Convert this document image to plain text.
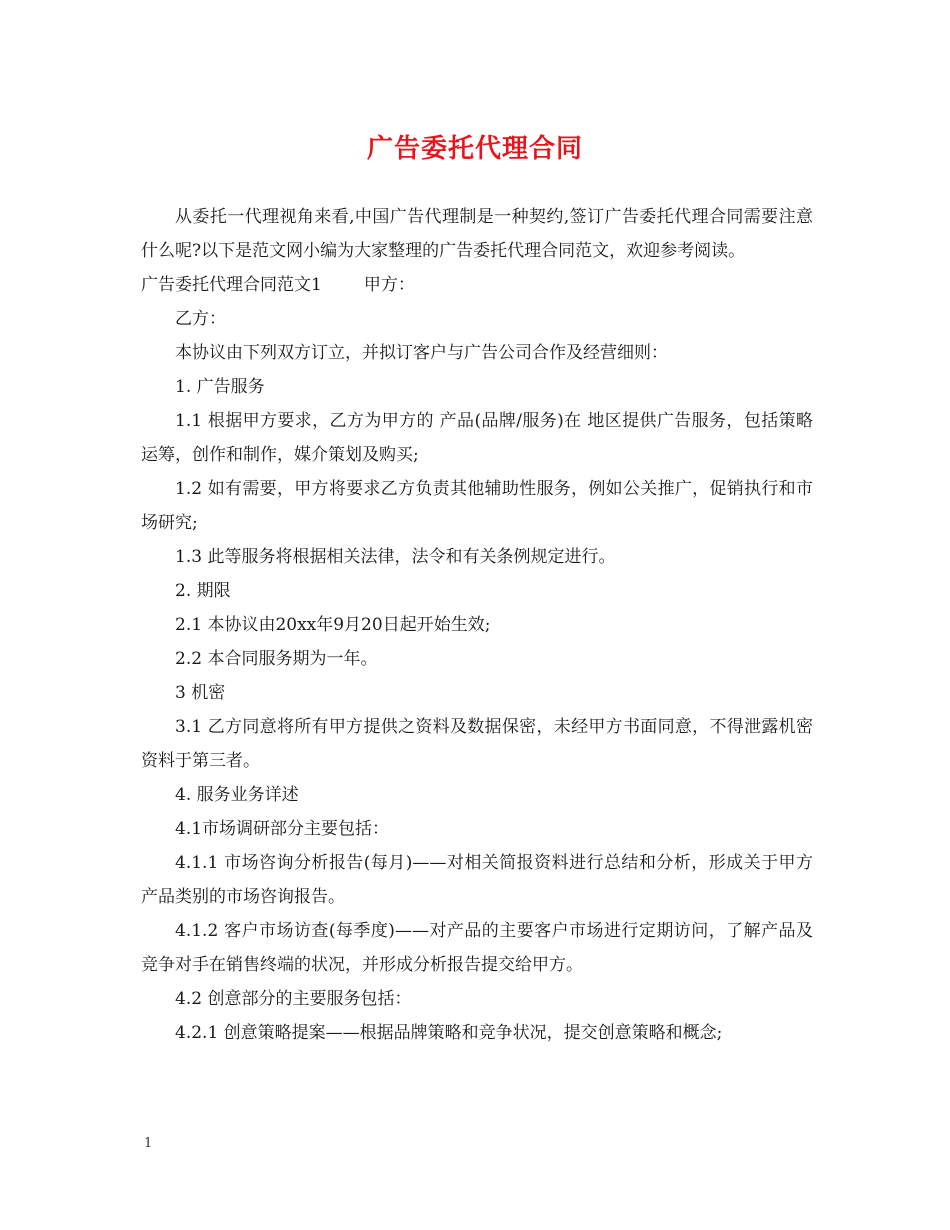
广告委托代理合同

从委托一代理视角来看,中国广告代理制是一种契约,签订广告委托代理合同需要注意什么呢?以下是范文网小编为大家整理的广告委托代理合同范文，欢迎参考阅读。

广告委托代理合同范文1 甲方：

乙方：

本协议由下列双方订立，并拟订客户与广告公司合作及经营细则：

1. 广告服务

1.1 根据甲方要求，乙方为甲方的 产品(品牌/服务)在 地区提供广告服务，包括策略运筹，创作和制作，媒介策划及购买;

1.2 如有需要，甲方将要求乙方负责其他辅助性服务，例如公关推广，促销执行和市场研究;

1.3 此等服务将根据相关法律，法令和有关条例规定进行。

2. 期限

2.1 本协议由20xx年9月20日起开始生效;

2.2 本合同服务期为一年。

3 机密

3.1 乙方同意将所有甲方提供之资料及数据保密，未经甲方书面同意，不得泄露机密资料于第三者。

4. 服务业务详述

4.1市场调研部分主要包括：

4.1.1 市场咨询分析报告(每月)——对相关简报资料进行总结和分析，形成关于甲方产品类别的市场咨询报告。

4.1.2 客户市场访查(每季度)——对产品的主要客户市场进行定期访问，了解产品及竞争对手在销售终端的状况，并形成分析报告提交给甲方。

4.2 创意部分的主要服务包括：

4.2.1 创意策略提案——根据品牌策略和竞争状况，提交创意策略和概念;

1
